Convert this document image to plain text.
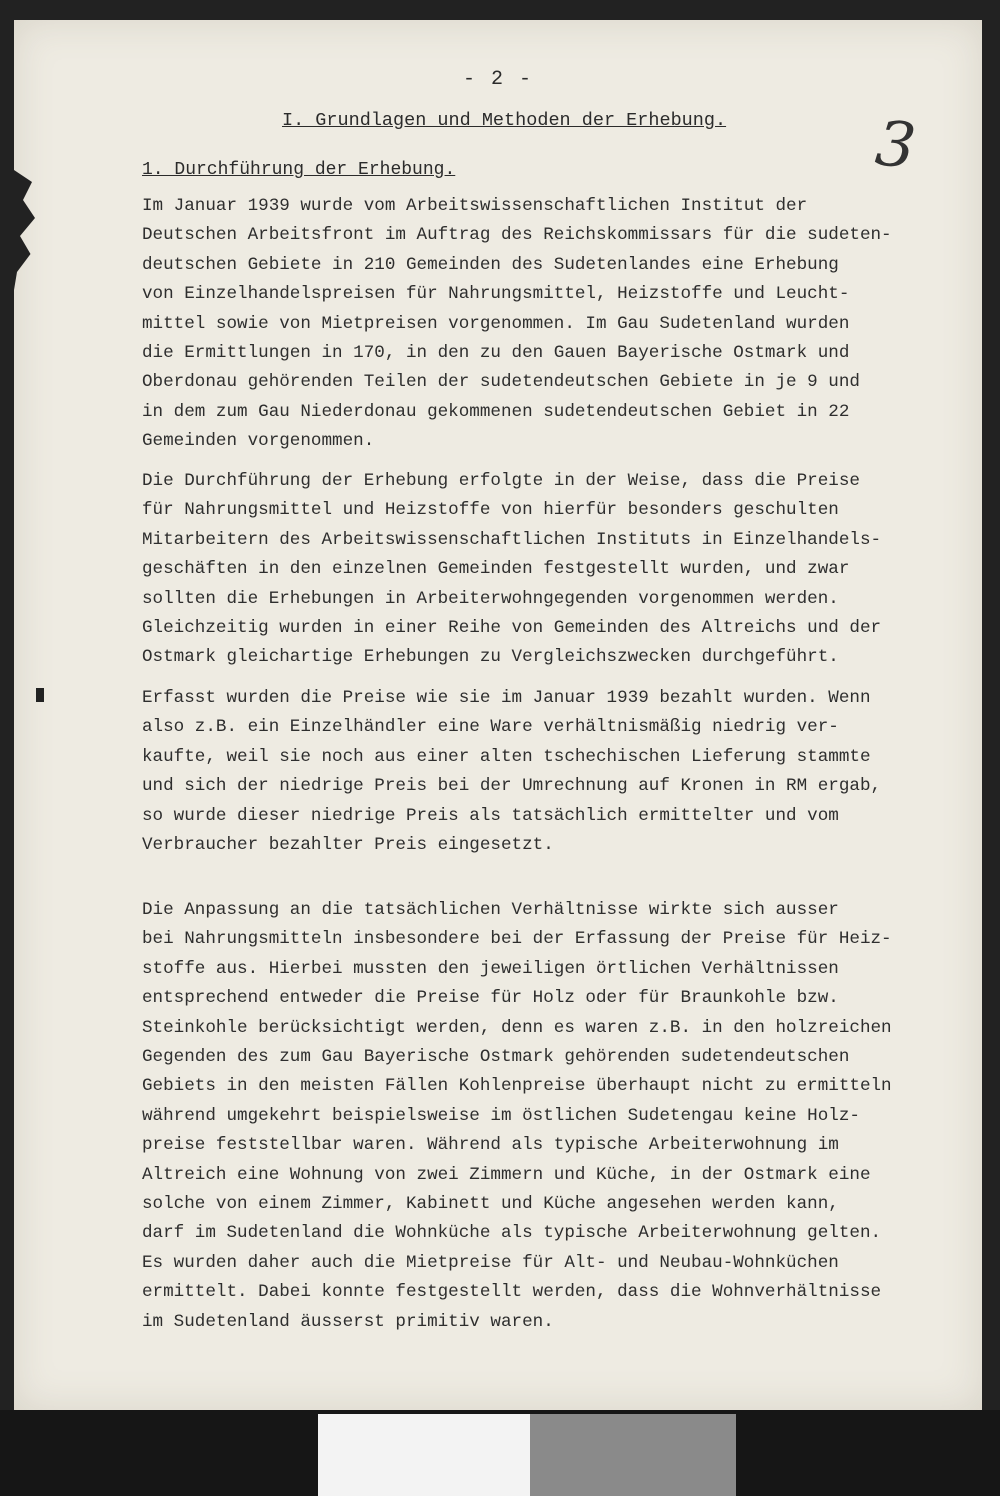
- 2 -
I. Grundlagen und Methoden der Erhebung. 3
1. Durchführung der Erhebung.
Im Januar 1939 wurde vom Arbeitswissenschaftlichen Institut der
Deutschen Arbeitsfront im Auftrag des Reichskommissars für die sudeten-
deutschen Gebiete in 210 Gemeinden des Sudetenlandes eine Erhebung
von Einzelhandelspreisen für Nahrungsmittel, Heizstoffe und Leucht-
mittel sowie von Mietpreisen vorgenommen. Im Gau Sudetenland wurden
die Ermittlungen in 170, in den zu den Gauen Bayerische Ostmark und
Oberdonau gehörenden Teilen der sudetendeutschen Gebiete in je 9 und
in dem zum Gau Niederdonau gekommenen sudetendeutschen Gebiet in 22
Gemeinden vorgenommen.
Die Durchführung der Erhebung erfolgte in der Weise, dass die Preise
für Nahrungsmittel und Heizstoffe von hierfür besonders geschulten
Mitarbeitern des Arbeitswissenschaftlichen Instituts in Einzelhandels-
geschäften in den einzelnen Gemeinden festgestellt wurden, und zwar
sollten die Erhebungen in Arbeiterwohngegenden vorgenommen werden.
Gleichzeitig wurden in einer Reihe von Gemeinden des Altreichs und der
Ostmark gleichartige Erhebungen zu Vergleichszwecken durchgeführt.
Erfasst wurden die Preise wie sie im Januar 1939 bezahlt wurden. Wenn
also z.B. ein Einzelhändler eine Ware verhältnismäßig niedrig ver-
kaufte, weil sie noch aus einer alten tschechischen Lieferung stammte
und sich der niedrige Preis bei der Umrechnung auf Kronen in RM ergab,
so wurde dieser niedrige Preis als tatsächlich ermittelter und vom
Verbraucher bezahlter Preis eingesetzt.
Die Anpassung an die tatsächlichen Verhältnisse wirkte sich ausser
bei Nahrungsmitteln insbesondere bei der Erfassung der Preise für Heiz-
stoffe aus. Hierbei mussten den jeweiligen örtlichen Verhältnissen
entsprechend entweder die Preise für Holz oder für Braunkohle bzw.
Steinkohle berücksichtigt werden, denn es waren z.B. in den holzreichen
Gegenden des zum Gau Bayerische Ostmark gehörenden sudetendeutschen
Gebiets in den meisten Fällen Kohlenpreise überhaupt nicht zu ermitteln
während umgekehrt beispielsweise im östlichen Sudetengau keine Holz-
preise feststellbar waren. Während als typische Arbeiterwohnung im
Altreich eine Wohnung von zwei Zimmern und Küche, in der Ostmark eine
solche von einem Zimmer, Kabinett und Küche angesehen werden kann,
darf im Sudetenland die Wohnküche als typische Arbeiterwohnung gelten.
Es wurden daher auch die Mietpreise für Alt- und Neubau-Wohnküchen
ermittelt. Dabei konnte festgestellt werden, dass die Wohnverhältnisse
im Sudetenland äusserst primitiv waren.
